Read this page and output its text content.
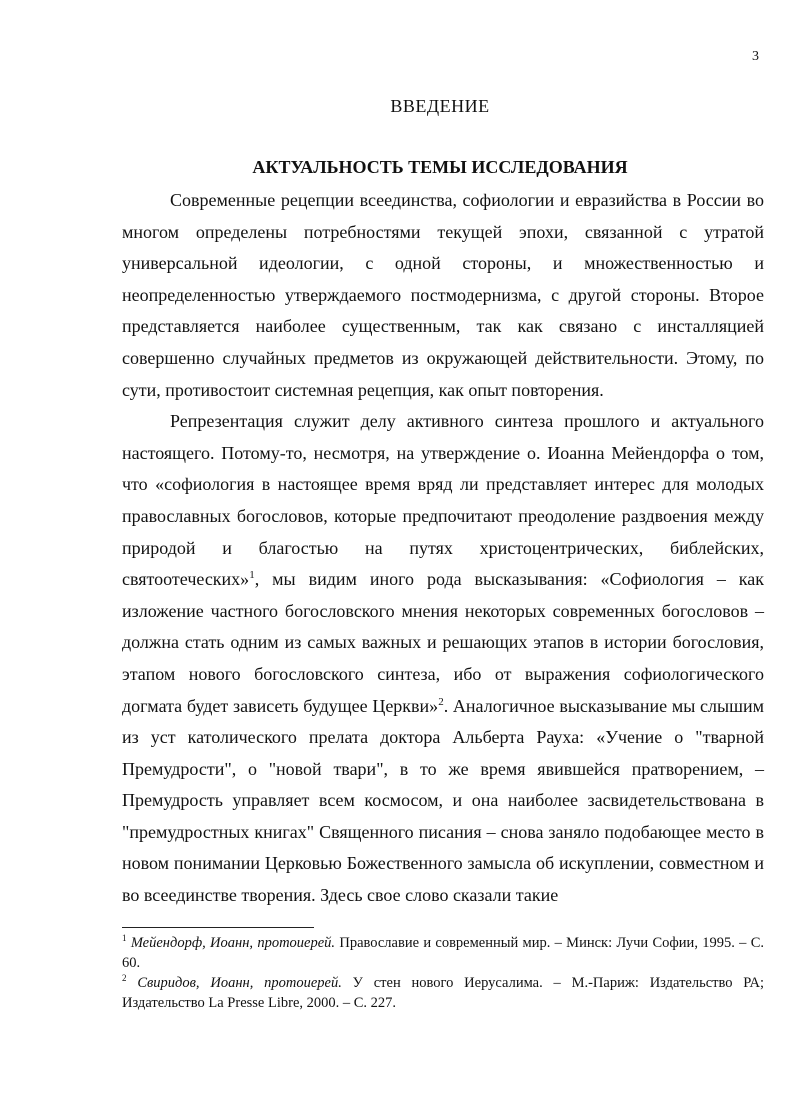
3
ВВЕДЕНИЕ
АКТУАЛЬНОСТЬ ТЕМЫ ИССЛЕДОВАНИЯ

Современные рецепции всеединства, софиологии и евразийства в России во многом определены потребностями текущей эпохи, связанной с утратой универсальной идеологии, с одной стороны, и множественностью и неопределенностью утверждаемого постмодернизма, с другой стороны. Второе представляется наиболее существенным, так как связано с инсталляцией совершенно случайных предметов из окружающей действительности. Этому, по сути, противостоит системная рецепция, как опыт повторения.

Репрезентация служит делу активного синтеза прошлого и актуального настоящего. Потому-то, несмотря, на утверждение о. Иоанна Мейендорфа о том, что «софиология в настоящее время вряд ли представляет интерес для молодых православных богословов, которые предпочитают преодоление раздвоения между природой и благостью на путях христоцентрических, библейских, святоотеческих»$^1$, мы видим иного рода высказывания: «Софиология – как изложение частного богословского мнения некоторых современных богословов – должна стать одним из самых важных и решающих этапов в истории богословия, этапом нового богословского синтеза, ибо от выражения софиологического догмата будет зависеть будущее Церкви»$^2$. Аналогичное высказывание мы слышим из уст католического прелата доктора Альберта Рауха: «Учение о "тварной Премудрости", о "новой твари", в то же время явившейся пратворением, – Премудрость управляет всем космосом, и она наиболее засвидетельствована в "премудростных книгах" Священного писания – снова заняло подобающее место в новом понимании Церковью Божественного замысла об искуплении, совместном и во всеединстве творения. Здесь свое слово сказали такие

$^1$ Мейендорф, Иоанн, протоиерей. Православие и современный мир. – Минск: Лучи Софии, 1995. – С. 60.

$^2$ Свиридов, Иоанн, протоиерей. У стен нового Иерусалима. – М.-Париж: Издательство РА; Издательство La Presse Libre, 2000. – С. 227.
